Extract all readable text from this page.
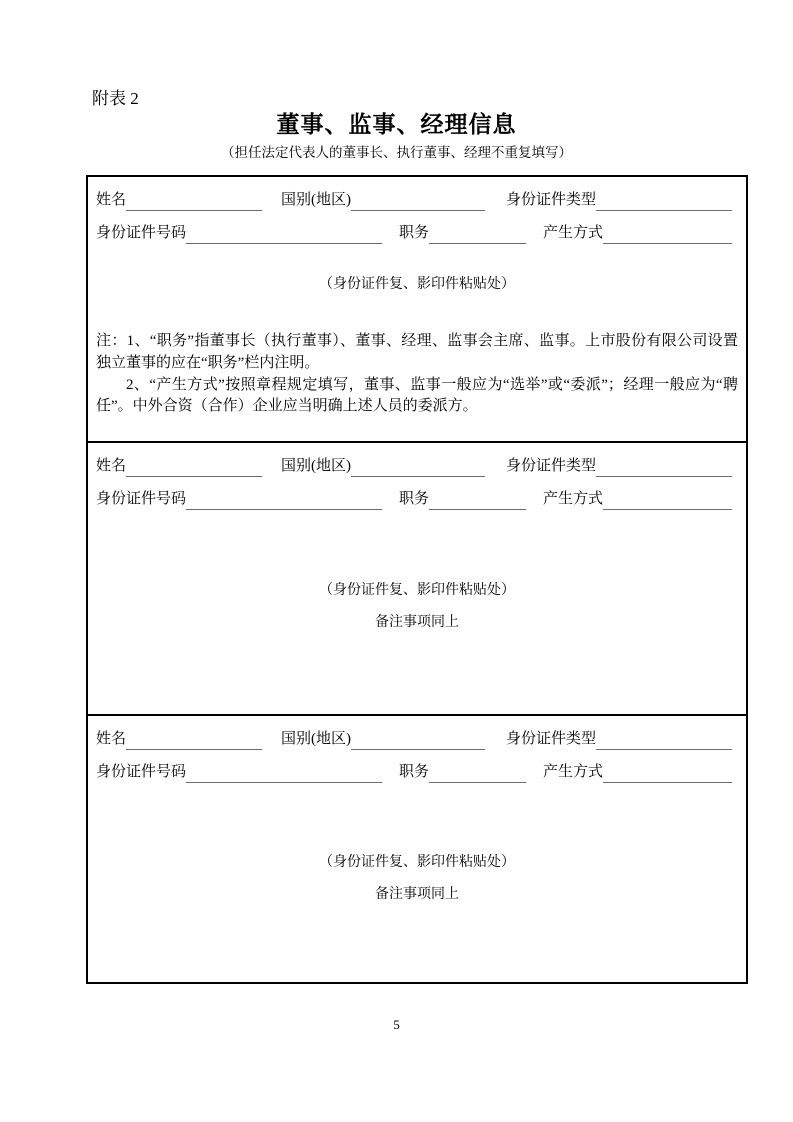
附表 2
董事、监事、经理信息
（担任法定代表人的董事长、执行董事、经理不重复填写）
姓名	国别(地区)	身份证件类型
身份证件号码	职务	产生方式
（身份证件复、影印件粘贴处）

注：1、“职务”指董事长（执行董事）、董事、经理、监事会主席、监事。上市股份有限公司设置独立董事的应在“职务”栏内注明。

2、“产生方式”按照章程规定填写，董事、监事一般应为“选举”或“委派”；经理一般应为“聘任”。中外合资（合作）企业应当明确上述人员的委派方。

姓名	国别(地区)	身份证件类型
身份证件号码	职务	产生方式
（身份证件复、影印件粘贴处）
备注事项同上
姓名	国别(地区)	身份证件类型
身份证件号码	职务	产生方式
（身份证件复、影印件粘贴处）
备注事项同上
5
